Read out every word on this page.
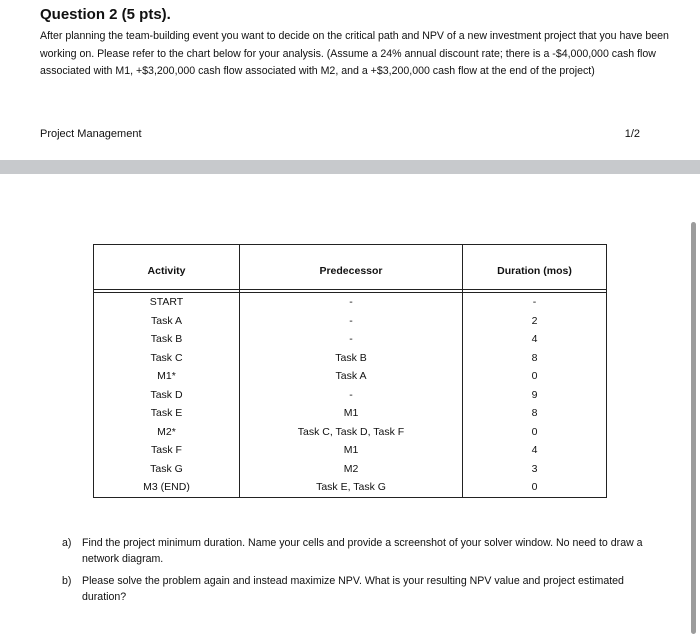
Question 2 (5 pts).

After planning the team-building event you want to decide on the critical path and NPV of a new investment project that you have been working on. Please refer to the chart below for your analysis. (Assume a 24% annual discount rate; there is a -$4,000,000 cash flow associated with M1, +$3,200,000 cash flow associated with M2, and a +$3,200,000 cash flow at the end of the project)

Project Management	1/2
Activity	Predecessor	Duration (mos)
START	-	-
Task A	-	2
Task B	-	4
Task C	Task B	8
M1*	Task A	0
Task D	-	9
Task E	M1	8
M2*	Task C, Task D, Task F	0
Task F	M1	4
Task G	M2	3
M3 (END)	Task E, Task G	0
a) Find the project minimum duration. Name your cells and provide a screenshot of your solver window. No need to draw a network diagram.
b) Please solve the problem again and instead maximize NPV. What is your resulting NPV value and project estimated duration?
